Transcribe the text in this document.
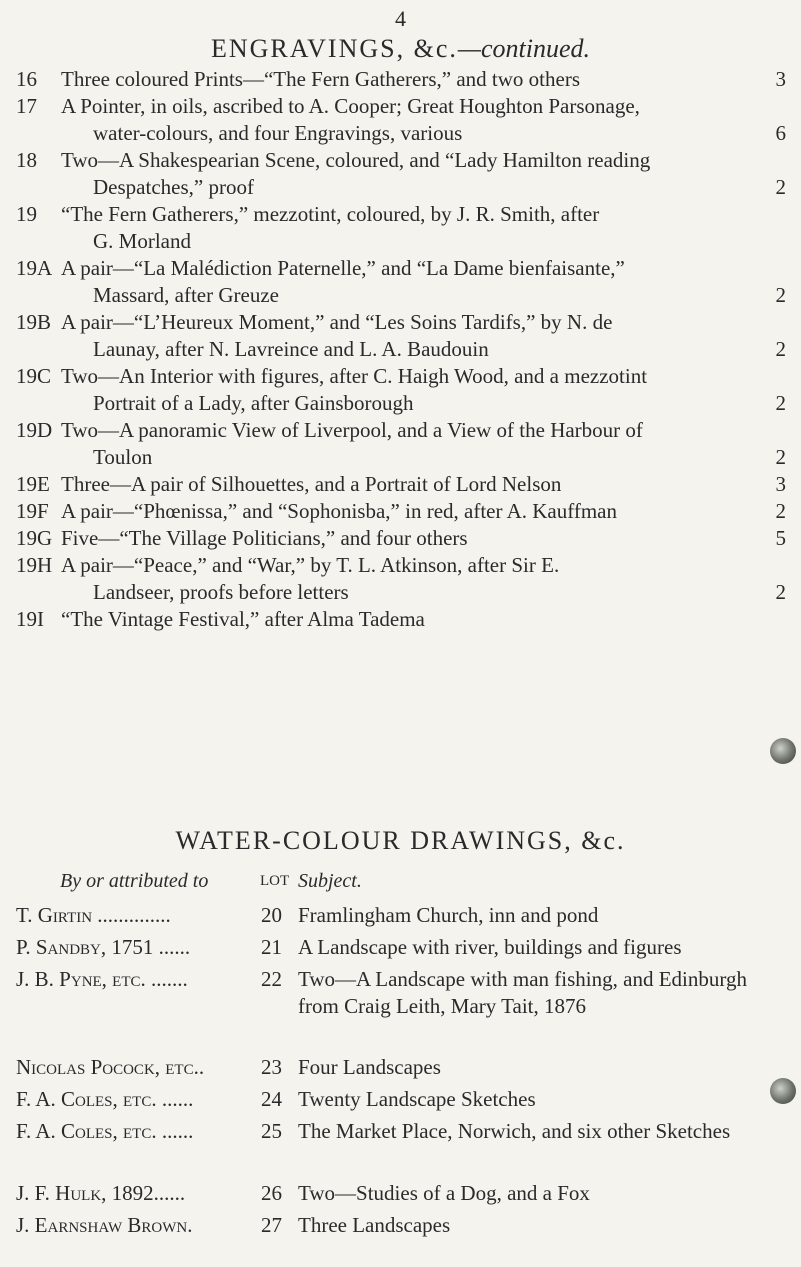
4
ENGRAVINGS, &c.—continued.
16 Three coloured Prints—“The Fern Gatherers,” and two others	3
17 A Pointer, in oils, ascribed to A. Cooper; Great Houghton Parsonage,
water-colours, and four Engravings, various	6
18 Two—A Shakespearian Scene, coloured, and “Lady Hamilton reading
Despatches,” proof	2
19 “The Fern Gatherers,” mezzotint, coloured, by J. R. Smith, after
G. Morland
19A A pair—“La Malédiction Paternelle,” and “La Dame bienfaisante,”
Massard, after Greuze	2
19B A pair—“L’Heureux Moment,” and “Les Soins Tardifs,” by N. de
Launay, after N. Lavreince and L. A. Baudouin	2
19C Two—An Interior with figures, after C. Haigh Wood, and a mezzotint
Portrait of a Lady, after Gainsborough	2
19D Two—A panoramic View of Liverpool, and a View of the Harbour of
Toulon	2
19E Three—A pair of Silhouettes, and a Portrait of Lord Nelson	3
19F A pair—“Phœnissa,” and “Sophonisba,” in red, after A. Kauffman	2
19G Five—“The Village Politicians,” and four others	5
19H A pair—“Peace,” and “War,” by T. L. Atkinson, after Sir E.
Landseer, proofs before letters	2
19I “The Vintage Festival,” after Alma Tadema
WATER-COLOUR DRAWINGS, &c.
By or attributed to	LOT Subject.
T. Girtin ..............	20 Framlingham Church, inn and pond
P. Sandby, 1751 ......	21 A Landscape with river, buildings and figures
J. B. Pyne, etc. .......	22 Two—A Landscape with man fishing, and Edinburgh from Craig Leith, Mary Tait, 1876
Nicolas Pocock, etc..	23 Four Landscapes
F. A. Coles, etc. ......	24 Twenty Landscape Sketches
F. A. Coles, etc. ......	25 The Market Place, Norwich, and six other Sketches
J. F. Hulk, 1892......	26 Two—Studies of a Dog, and a Fox
J. Earnshaw Brown.	27 Three Landscapes
